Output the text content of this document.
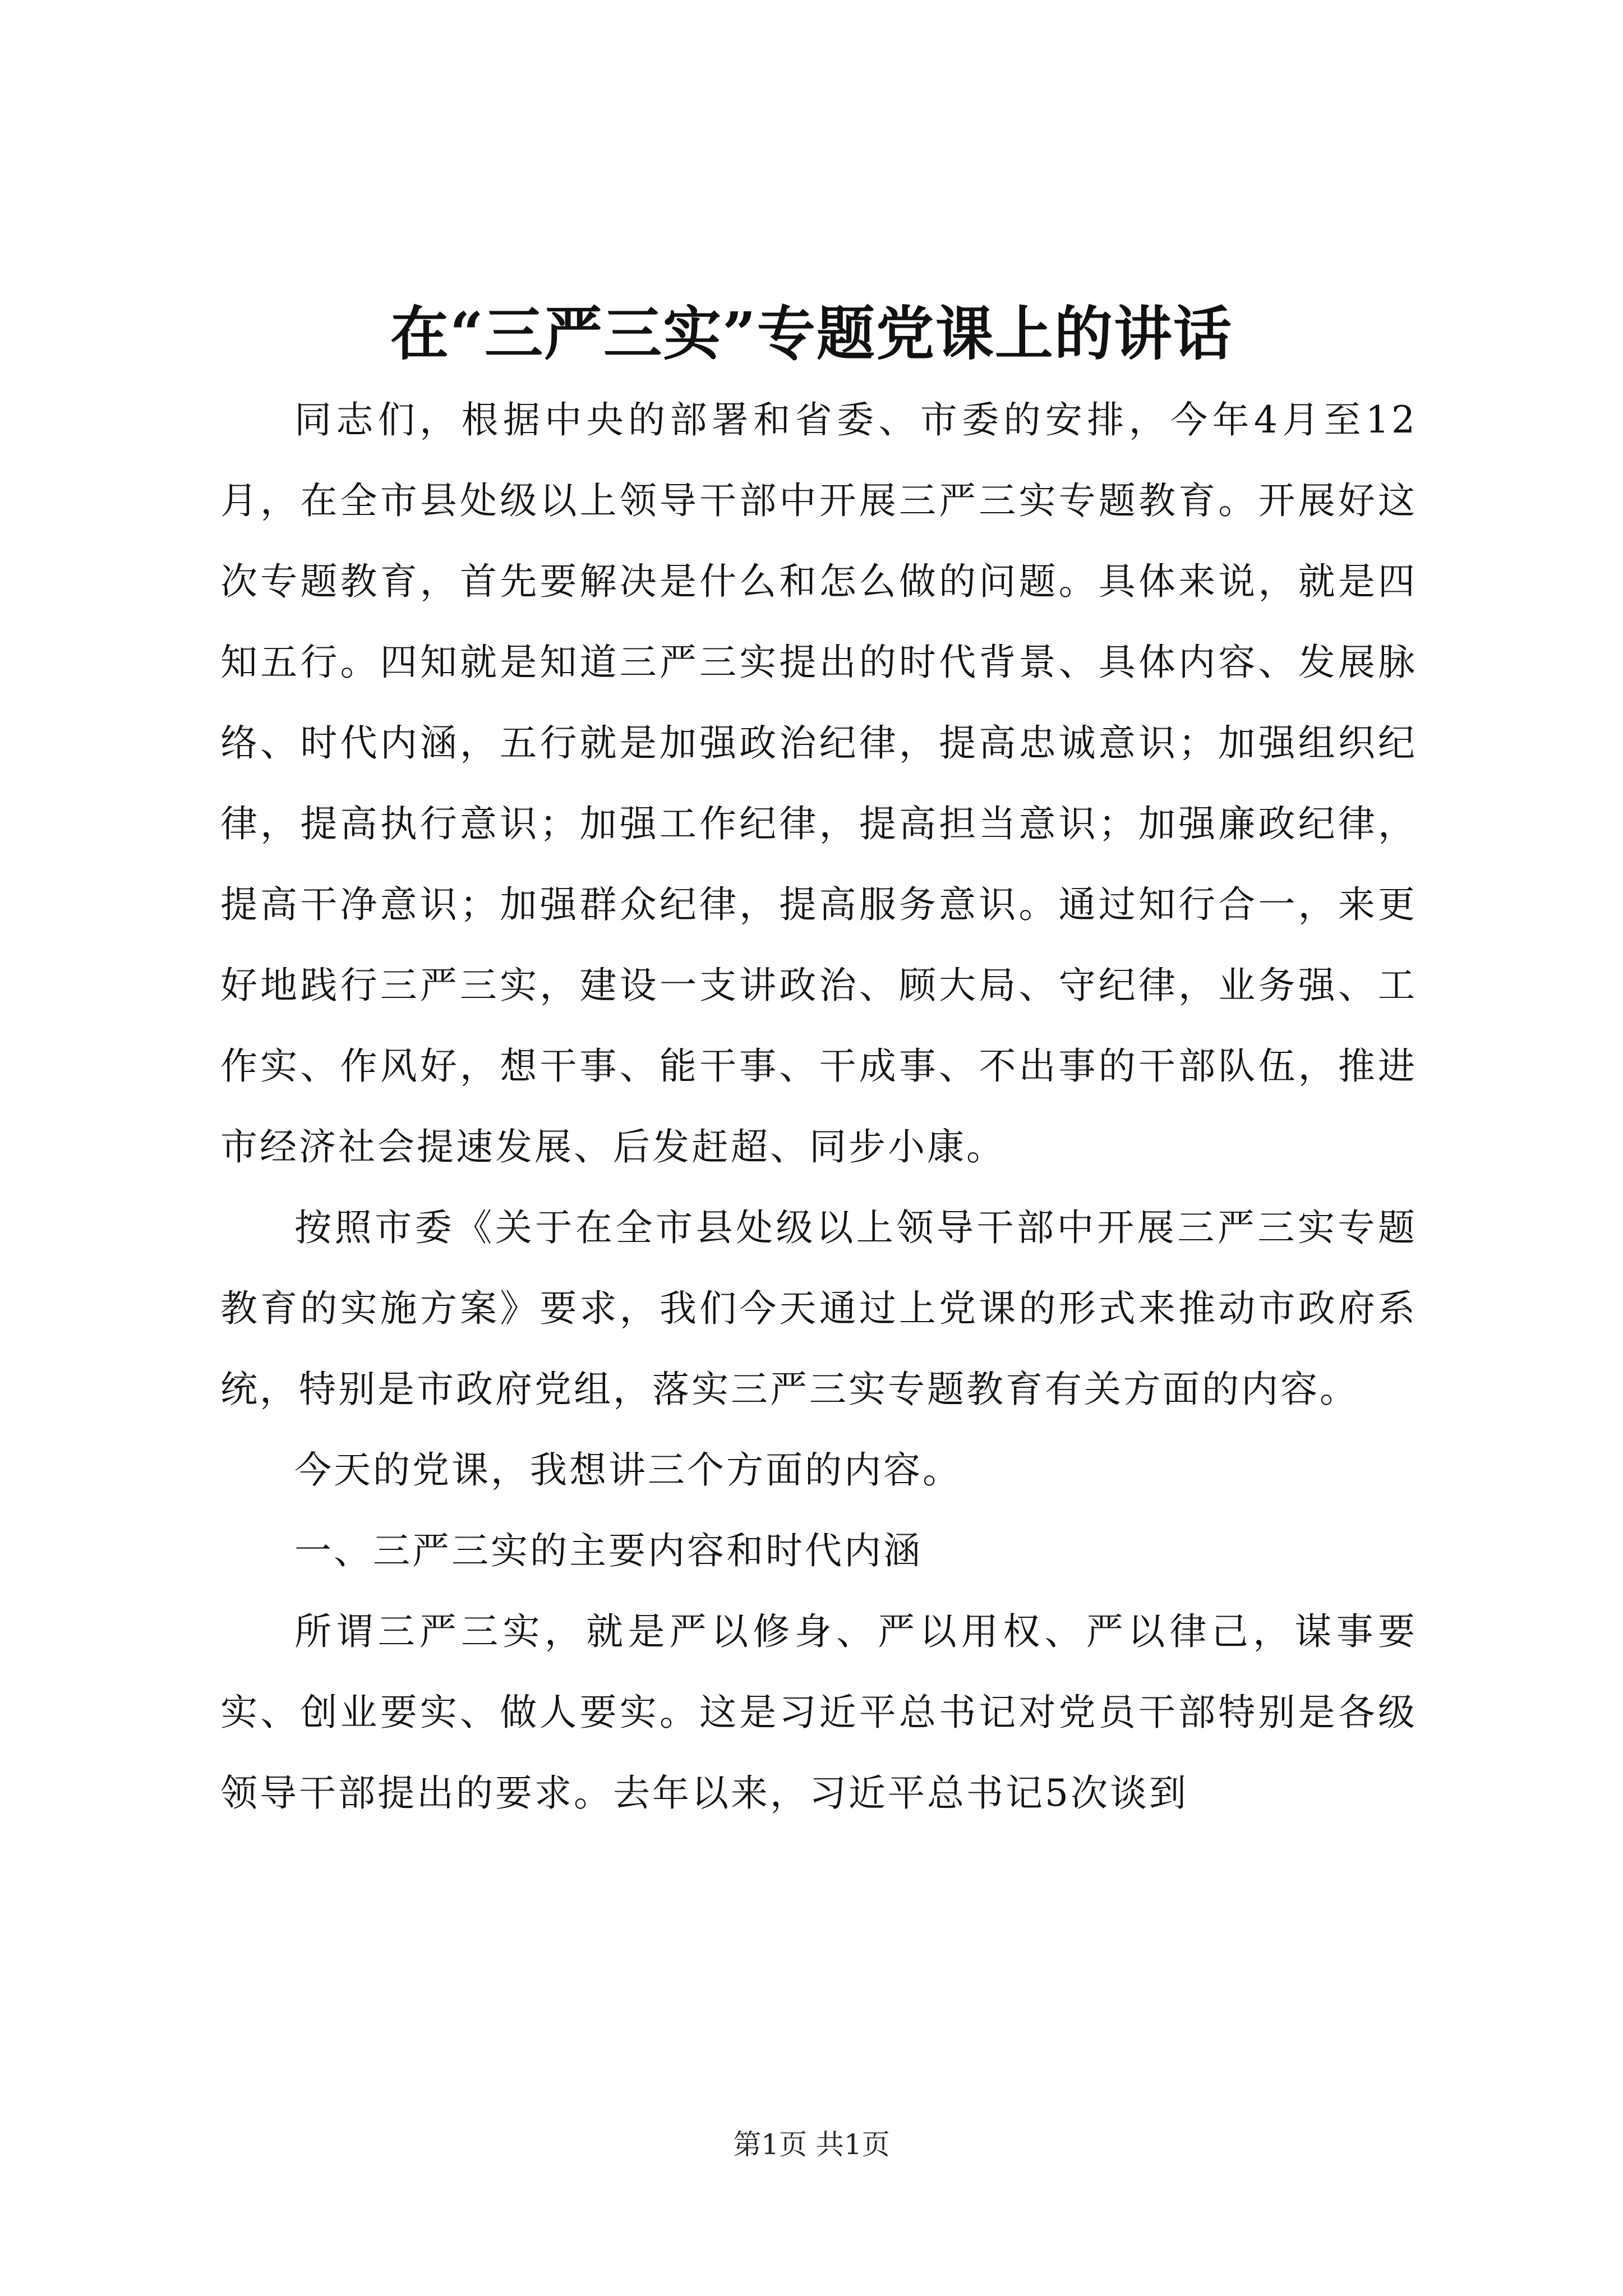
在“三严三实”专题党课上的讲话

同志们，根据中央的部署和省委、市委的安排，今年4月至12月，在全市县处级以上领导干部中开展三严三实专题教育。开展好这次专题教育，首先要解决是什么和怎么做的问题。具体来说，就是四知五行。四知就是知道三严三实提出的时代背景、具体内容、发展脉络、时代内涵，五行就是加强政治纪律，提高忠诚意识；加强组织纪律，提高执行意识；加强工作纪律，提高担当意识；加强廉政纪律，提高干净意识；加强群众纪律，提高服务意识。通过知行合一，来更好地践行三严三实，建设一支讲政治、顾大局、守纪律，业务强、工作实、作风好，想干事、能干事、干成事、不出事的干部队伍，推进市经济社会提速发展、后发赶超、同步小康。

按照市委《关于在全市县处级以上领导干部中开展三严三实专题教育的实施方案》要求，我们今天通过上党课的形式来推动市政府系统，特别是市政府党组，落实三严三实专题教育有关方面的内容。

今天的党课，我想讲三个方面的内容。

一、三严三实的主要内容和时代内涵

所谓三严三实，就是严以修身、严以用权、严以律己，谋事要实、创业要实、做人要实。这是习近平总书记对党员干部特别是各级领导干部提出的要求。去年以来，习近平总书记5次谈到

第1页 共1页
